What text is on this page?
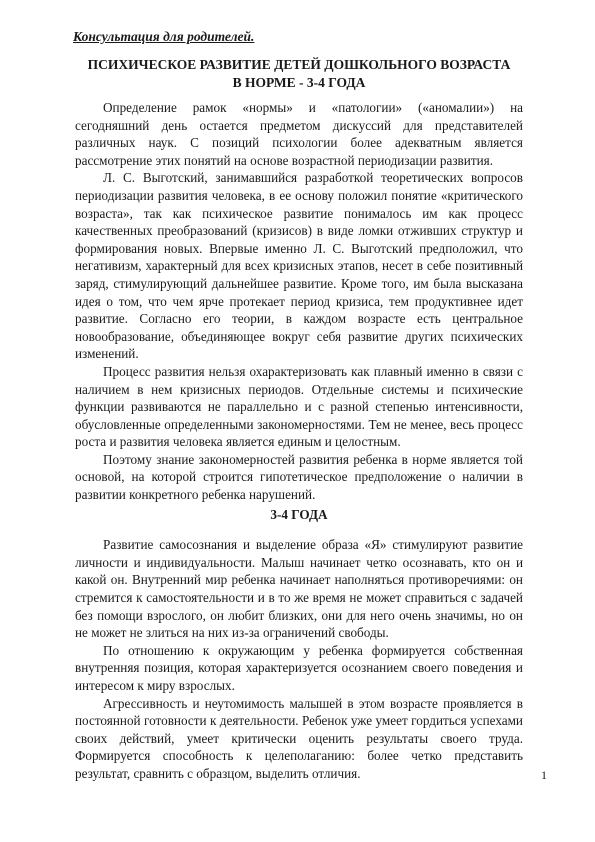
Консультация для родителей.

ПСИХИЧЕСКОЕ РАЗВИТИЕ ДЕТЕЙ ДОШКОЛЬНОГО ВОЗРАСТА

В НОРМЕ - 3-4 ГОДА

Определение рамок «нормы» и «патологии» («аномалии») на сегодняшний день остается предметом дискуссий для представителей различных наук. С позиций психологии более адекватным является рассмотрение этих понятий на основе возрастной периодизации развития.

Л. С. Выготский, занимавшийся разработкой теоретических вопросов периодизации развития человека, в ее основу положил понятие «критического возраста», так как психическое развитие понималось им как процесс качественных преобразований (кризисов) в виде ломки отживших структур и формирования новых. Впервые именно Л. С. Выготский предположил, что негативизм, характерный для всех кризисных этапов, несет в себе позитивный заряд, стимулирующий дальнейшее развитие. Кроме того, им была высказана идея о том, что чем ярче протекает период кризиса, тем продуктивнее идет развитие. Согласно его теории, в каждом возрасте есть центральное новообразование, объединяющее вокруг себя развитие других психических изменений.

Процесс развития нельзя охарактеризовать как плавный именно в связи с наличием в нем кризисных периодов. Отдельные системы и психические функции развиваются не параллельно и с разной степенью интенсивности, обусловленные определенными закономерностями. Тем не менее, весь процесс роста и развития человека является единым и целостным.

Поэтому знание закономерностей развития ребенка в норме является той основой, на которой строится гипотетическое предположение о наличии в развитии конкретного ребенка нарушений.

3-4 ГОДА

Развитие самосознания и выделение образа «Я» стимулируют развитие личности и индивидуальности. Малыш начинает четко осознавать, кто он и какой он. Внутренний мир ребенка начинает наполняться противоречиями: он стремится к самостоятельности и в то же время не может справиться с задачей без помощи взрослого, он любит близких, они для него очень значимы, но он не может не злиться на них из-за ограничений свободы.

По отношению к окружающим у ребенка формируется собственная внутренняя позиция, которая характеризуется осознанием своего поведения и интересом к миру взрослых.

Агрессивность и неутомимость малышей в этом возрасте проявляется в постоянной готовности к деятельности. Ребенок уже умеет гордиться успехами своих действий, умеет критически оценить результаты своего труда. Формируется способность к целеполаганию: более четко представить результат, сравнить с образцом, выделить отличия.	1
